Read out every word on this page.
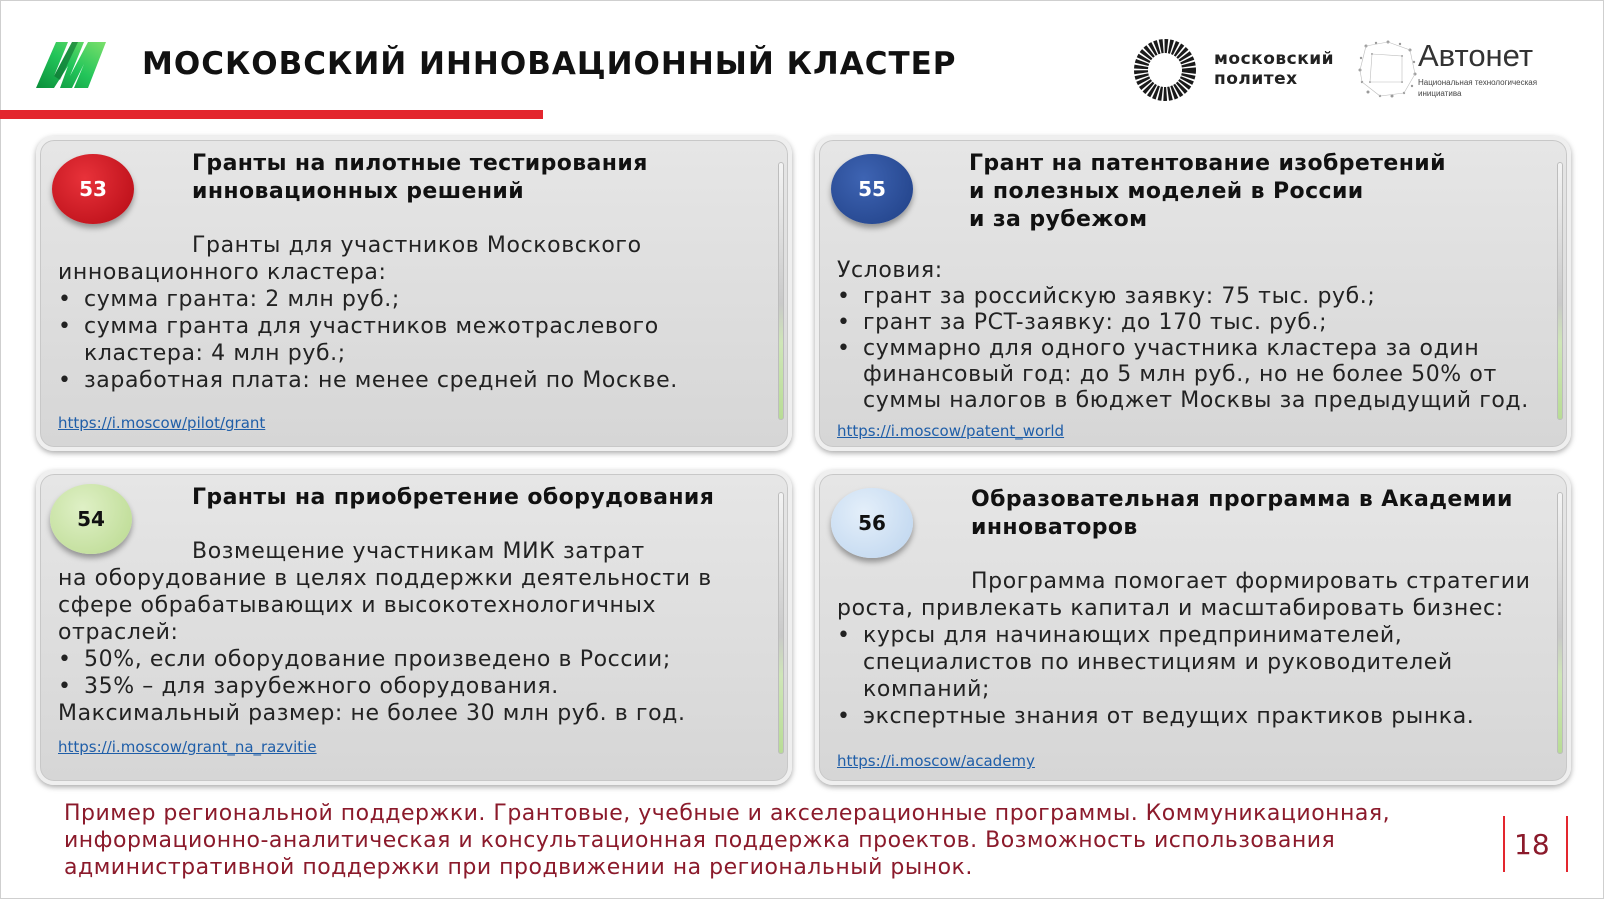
МОСКОВСКИЙ ИННОВАЦИОННЫЙ КЛАСТЕР	московский
политех
Автонет
Национальная технологическая
инициатива
53
Гранты на пилотные тестирования
инновационных решений

Гранты для участников Московского

инновационного кластера:

• сумма гранта: 2 млн руб.;
• сумма гранта для участников межотраслевого кластера: 4 млн руб.;
• заработная плата: не менее средней по Москве.
https://i.moscow/pilot/grant
55
Грант на патентование изобретений
и полезных моделей в России
и за рубежом

Условия:

• грант за российскую заявку: 75 тыс. руб.;
• грант за PCT-заявку: до 170 тыс. руб.;
• суммарно для одного участника кластера за один финансовый год: до 5 млн руб., но не более 50% от суммы налогов в бюджет Москвы за предыдущий год.
https://i.moscow/patent_world
54
Гранты на приобретение оборудования

Возмещение участникам МИК затрат

на оборудование в целях поддержки деятельности в сфере обрабатывающих и высокотехнологичных отраслей:

• 50%, если оборудование произведено в России;
• 35% – для зарубежного оборудования.

Максимальный размер: не более 30 млн руб. в год.

https://i.moscow/grant_na_razvitie
56
Образовательная программа в Академии
инноваторов

Программа помогает формировать стратегии

роста, привлекать капитал и масштабировать бизнес:

• курсы для начинающих предпринимателей, специалистов по инвестициям и руководителей компаний;
• экспертные знания от ведущих практиков рынка.
https://i.moscow/academy
Пример региональной поддержки. Грантовые, учебные и акселерационные программы. Коммуникационная, информационно-аналитическая и консультационная поддержка проектов. Возможность использования административной поддержки при продвижении на региональный рынок.
18
